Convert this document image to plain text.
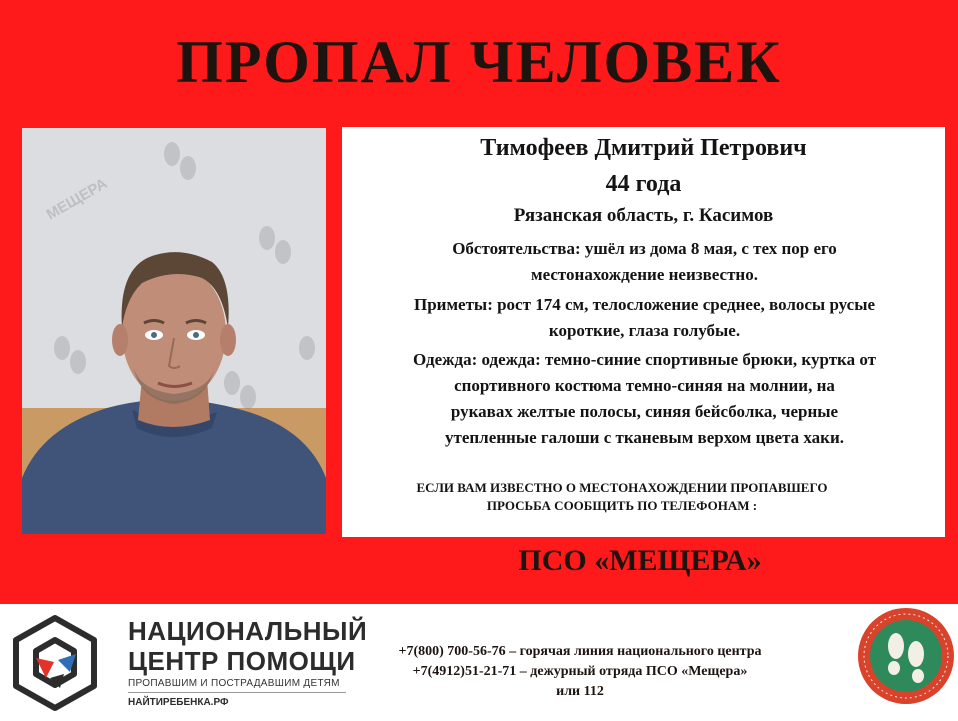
ПРОПАЛ ЧЕЛОВЕК
МЕЩЕРА
Тимофеев Дмитрий Петрович
44 года
Рязанская область, г. Касимов
Обстоятельства: ушёл из дома 8 мая, с тех пор его
местонахождение неизвестно.
Приметы: рост 174 см, телосложение среднее, волосы русые
короткие, глаза голубые.
Одежда: одежда: темно-синие спортивные брюки, куртка от
спортивного костюма темно-синяя на молнии, на
рукавах желтые полосы, синяя бейсболка, черные
утепленные галоши с тканевым верхом цвета хаки.
ЕСЛИ ВАМ ИЗВЕСТНО О МЕСТОНАХОЖДЕНИИ ПРОПАВШЕГО
ПРОСЬБА СООБЩИТЬ ПО ТЕЛЕФОНАМ :
ПСО «МЕЩЕРА»
НАЦИОНАЛЬНЫЙ
ЦЕНТР ПОМОЩИ
ПРОПАВШИМ И ПОСТРАДАВШИМ ДЕТЯМ
НАЙТИРЕБЕНКА.РФ
+7(800) 700-56-76 – горячая линия национального центра
+7(4912)51-21-71 – дежурный отряда ПСО «Мещера»
или 112
